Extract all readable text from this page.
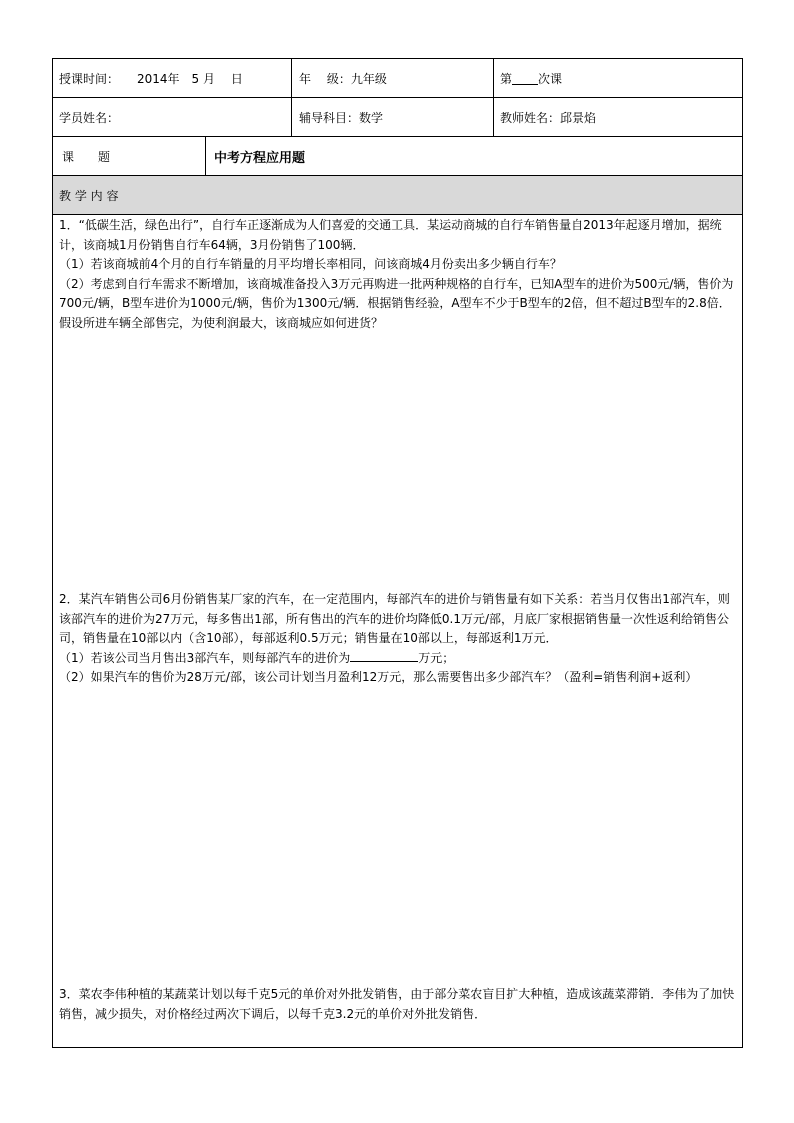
授课时间： 2014年　5 月　 日	年　 级：九年级	第 次课
学员姓名：	辅导科目：数学	教师姓名：邱景焰
课　　题	中考方程应用题
教 学 内 容

1．“低碳生活，绿色出行”，自行车正逐渐成为人们喜爱的交通工具．某运动商城的自行车销售量自2013年起逐月增加，据统计，该商城1月份销售自行车64辆，3月份销售了100辆．

（1）若该商城前4个月的自行车销量的月平均增长率相同，问该商城4月份卖出多少辆自行车？

（2）考虑到自行车需求不断增加，该商城准备投入3万元再购进一批两种规格的自行车，已知A型车的进价为500元/辆，售价为700元/辆，B型车进价为1000元/辆，售价为1300元/辆．根据销售经验，A型车不少于B型车的2倍，但不超过B型车的2.8倍．假设所进车辆全部售完，为使利润最大，该商城应如何进货？

2．某汽车销售公司6月份销售某厂家的汽车，在一定范围内，每部汽车的进价与销售量有如下关系：若当月仅售出1部汽车，则该部汽车的进价为27万元，每多售出1部，所有售出的汽车的进价均降低0.1万元/部，月底厂家根据销售量一次性返利给销售公司，销售量在10部以内（含10部），每部返利0.5万元；销售量在10部以上，每部返利1万元．

（1）若该公司当月售出3部汽车，则每部汽车的进价为	万元；

（2）如果汽车的售价为28万元/部，该公司计划当月盈利12万元，那么需要售出多少部汽车？（盈利=销售利润+返利）

3．菜农李伟种植的某蔬菜计划以每千克5元的单价对外批发销售，由于部分菜农盲目扩大种植，造成该蔬菜滞销．李伟为了加快销售，减少损失，对价格经过两次下调后，以每千克3.2元的单价对外批发销售．
